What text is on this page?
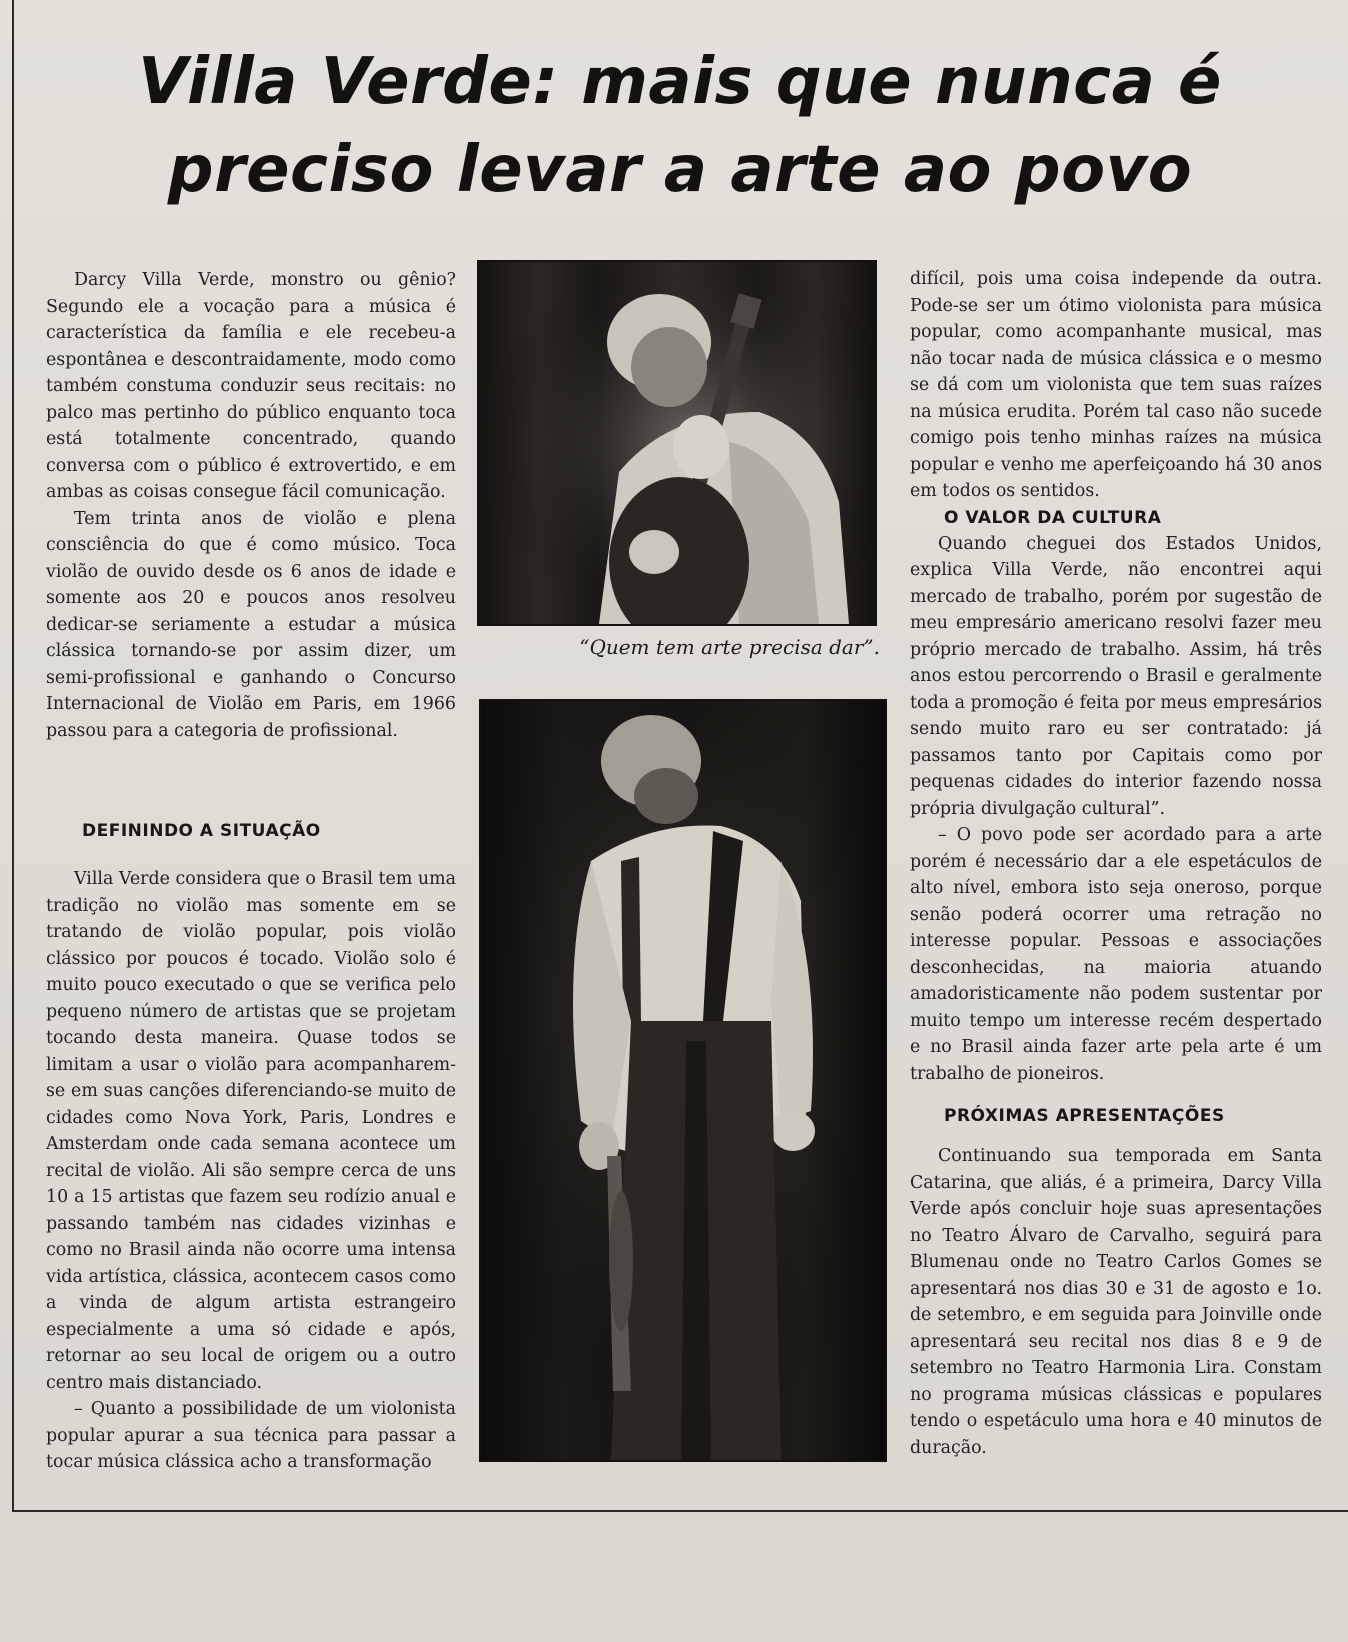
Villa Verde: mais que nunca é
preciso levar a arte ao povo

Darcy Villa Verde, monstro ou gênio? Segundo ele a vocação para a música é característica da família e ele recebeu-a espontânea e descontraidamente, modo como também constuma conduzir seus recitais: no palco mas pertinho do público enquanto toca está totalmente concentrado, quando conversa com o público é extrovertido, e em ambas as coisas consegue fácil comunicação.

Tem trinta anos de violão e plena consciência do que é como músico. Toca violão de ouvido desde os 6 anos de idade e somente aos 20 e poucos anos resolveu dedicar-se seriamente a estudar a música clássica tornando-se por assim dizer, um semi-profissional e ganhando o Concurso Internacional de Violão em Paris, em 1966 passou para a categoria de profissional.

DEFININDO A SITUAÇÃO

Villa Verde considera que o Brasil tem uma tradição no violão mas somente em se tratando de violão popular, pois violão clássico por poucos é tocado. Violão solo é muito pouco executado o que se verifica pelo pequeno número de artistas que se projetam tocando desta maneira. Quase todos se limitam a usar o violão para acompanharem-se em suas canções diferenciando-se muito de cidades como Nova York, Paris, Londres e Amsterdam onde cada semana acontece um recital de violão. Ali são sempre cerca de uns 10 a 15 artistas que fazem seu rodízio anual e passando também nas cidades vizinhas e como no Brasil ainda não ocorre uma intensa vida artística, clássica, acontecem casos como a vinda de algum artista estrangeiro especialmente a uma só cidade e após, retornar ao seu local de origem ou a outro centro mais distanciado.

– Quanto a possibilidade de um violonista popular apurar a sua técnica para passar a tocar música clássica acho a transformação

“Quem tem arte precisa dar”.

difícil, pois uma coisa independe da outra. Pode-se ser um ótimo violonista para música popular, como acompanhante musical, mas não tocar nada de música clássica e o mesmo se dá com um violonista que tem suas raízes na música erudita. Porém tal caso não sucede comigo pois tenho minhas raízes na música popular e venho me aperfeiçoando há 30 anos em todos os sentidos.

O VALOR DA CULTURA

Quando cheguei dos Estados Unidos, explica Villa Verde, não encontrei aqui mercado de trabalho, porém por sugestão de meu empresário americano resolvi fazer meu próprio mercado de trabalho. Assim, há três anos estou percorrendo o Brasil e geralmente toda a promoção é feita por meus empresários sendo muito raro eu ser contratado: já passamos tanto por Capitais como por pequenas cidades do interior fazendo nossa própria divulgação cultural”.

– O povo pode ser acordado para a arte porém é necessário dar a ele espetáculos de alto nível, embora isto seja oneroso, porque senão poderá ocorrer uma retração no interesse popular. Pessoas e associações desconhecidas, na maioria atuando amadoristicamente não podem sustentar por muito tempo um interesse recém despertado e no Brasil ainda fazer arte pela arte é um trabalho de pioneiros.

PRÓXIMAS APRESENTAÇÕES

Continuando sua temporada em Santa Catarina, que aliás, é a primeira, Darcy Villa Verde após concluir hoje suas apresentações no Teatro Álvaro de Carvalho, seguirá para Blumenau onde no Teatro Carlos Gomes se apresentará nos dias 30 e 31 de agosto e 1o. de setembro, e em seguida para Joinville onde apresentará seu recital nos dias 8 e 9 de setembro no Teatro Harmonia Lira. Constam no programa músicas clássicas e populares tendo o espetáculo uma hora e 40 minutos de duração.
